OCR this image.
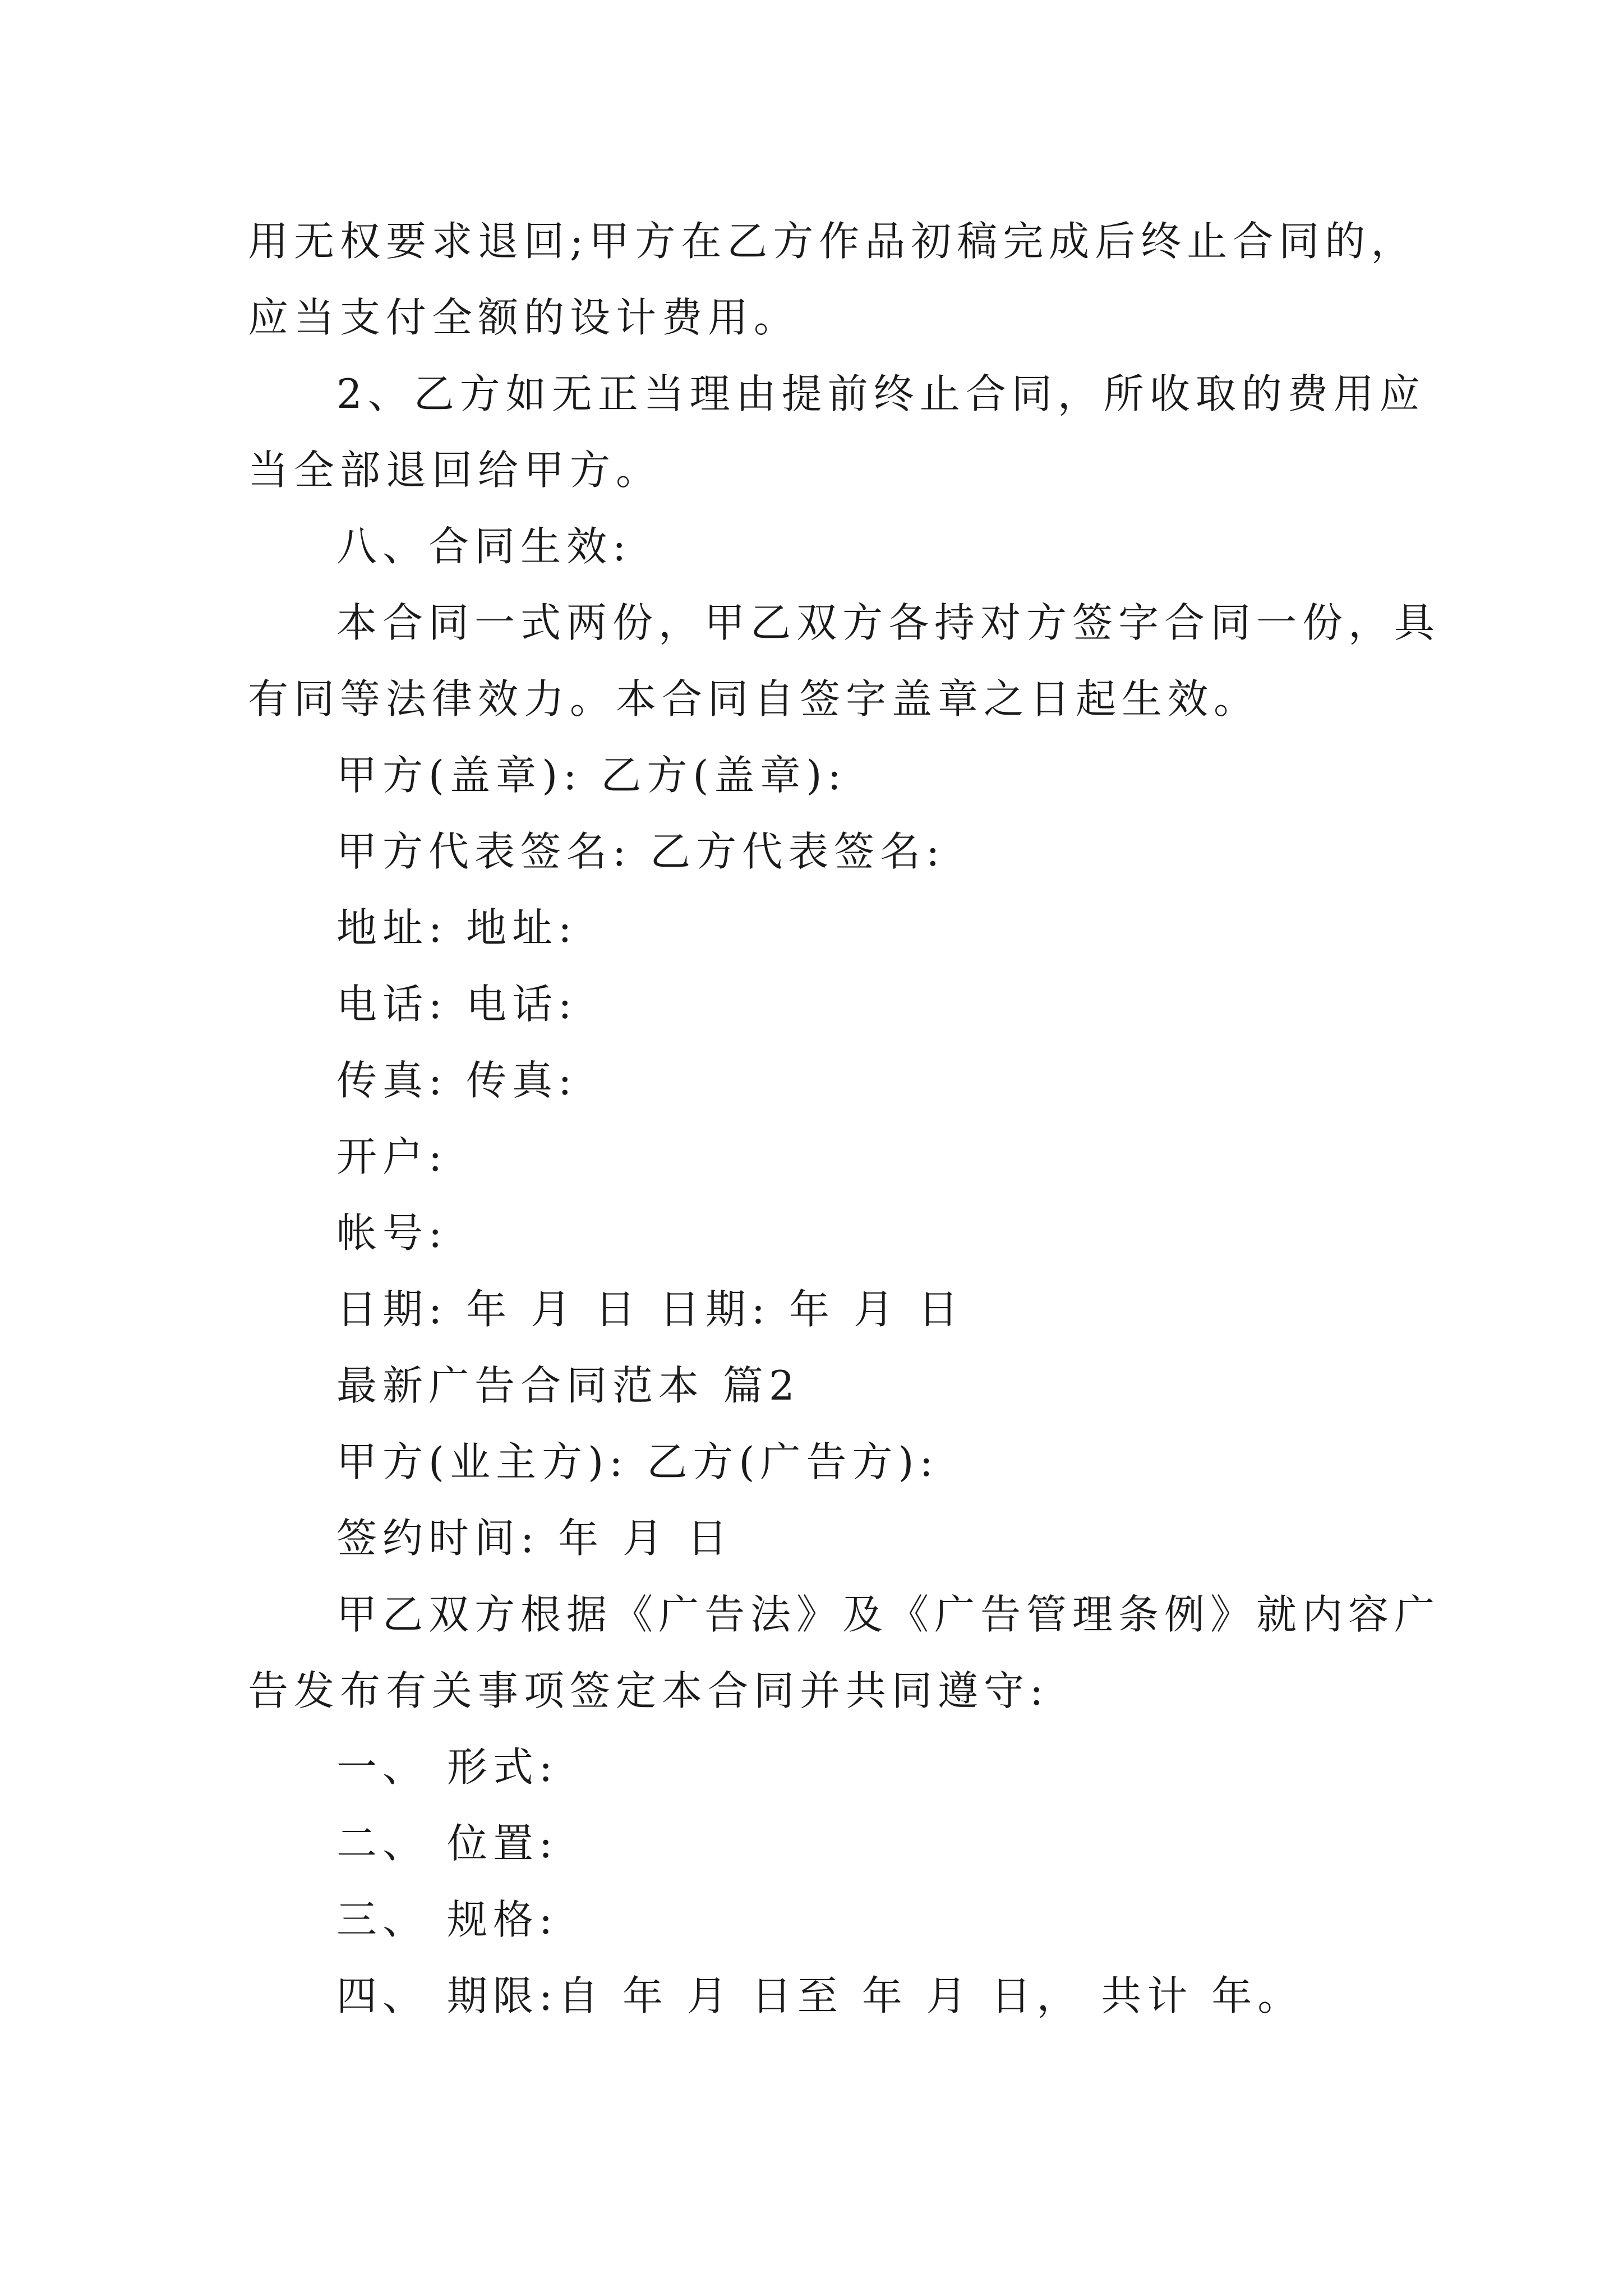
用无权要求退回;甲方在乙方作品初稿完成后终止合同的，
应当支付全额的设计费用。
2、乙方如无正当理由提前终止合同，所收取的费用应
当全部退回给甲方。
八、合同生效:
本合同一式两份，甲乙双方各持对方签字合同一份，具
有同等法律效力。本合同自签字盖章之日起生效。
甲方(盖章): 乙方(盖章):
甲方代表签名: 乙方代表签名:
地址: 地址:
电话: 电话:
传真: 传真:
开户:
帐号:
日期: 年 月 日 日期: 年 月 日
最新广告合同范本 篇2
甲方(业主方): 乙方(广告方):
签约时间: 年 月 日
甲乙双方根据《广告法》及《广告管理条例》就内容广
告发布有关事项签定本合同并共同遵守:
一、 形式:
二、 位置:
三、 规格:
四、 期限:自 年 月 日至 年 月 日， 共计 年。
